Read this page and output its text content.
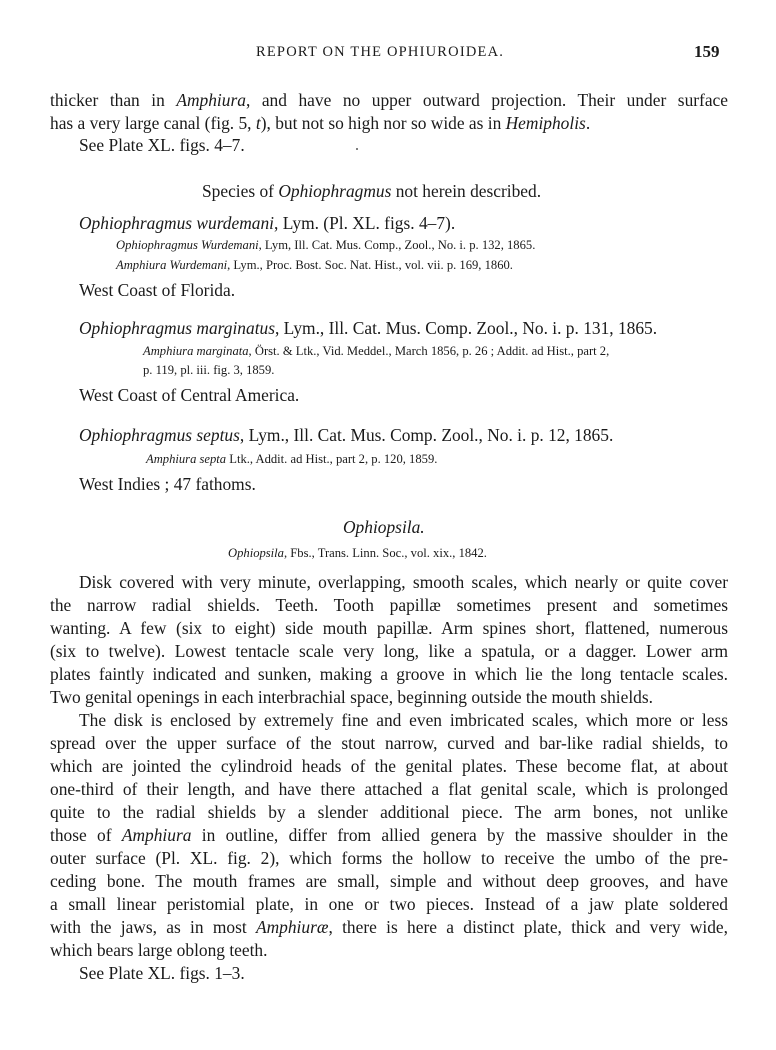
REPORT ON THE OPHIUROIDEA.	159
thicker than in Amphiura, and have no upper outward projection. Their under surface
has a very large canal (fig. 5, t), but not so high nor so wide as in Hemipholis.
See Plate XL. figs. 4–7.
Species of Ophiophragmus not herein described.
Ophiophragmus wurdemani, Lym. (Pl. XL. figs. 4–7).
Ophiophragmus Wurdemani, Lym, Ill. Cat. Mus. Comp., Zool., No. i. p. 132, 1865.
Amphiura Wurdemani, Lym., Proc. Bost. Soc. Nat. Hist., vol. vii. p. 169, 1860.
West Coast of Florida.
Ophiophragmus marginatus, Lym., Ill. Cat. Mus. Comp. Zool., No. i. p. 131, 1865.
Amphiura marginata, Örst. & Ltk., Vid. Meddel., March 1856, p. 26 ; Addit. ad Hist., part 2,
p. 119, pl. iii. fig. 3, 1859.
West Coast of Central America.
Ophiophragmus septus, Lym., Ill. Cat. Mus. Comp. Zool., No. i. p. 12, 1865.
Amphiura septa Ltk., Addit. ad Hist., part 2, p. 120, 1859.
West Indies ; 47 fathoms.
Ophiopsila.
Ophiopsila, Fbs., Trans. Linn. Soc., vol. xix., 1842.
Disk covered with very minute, overlapping, smooth scales, which nearly or quite cover
the narrow radial shields. Teeth. Tooth papillæ sometimes present and sometimes
wanting. A few (six to eight) side mouth papillæ. Arm spines short, flattened, numerous
(six to twelve). Lowest tentacle scale very long, like a spatula, or a dagger. Lower arm
plates faintly indicated and sunken, making a groove in which lie the long tentacle scales.
Two genital openings in each interbrachial space, beginning outside the mouth shields.
The disk is enclosed by extremely fine and even imbricated scales, which more or less
spread over the upper surface of the stout narrow, curved and bar-like radial shields, to
which are jointed the cylindroid heads of the genital plates. These become flat, at about
one-third of their length, and have there attached a flat genital scale, which is prolonged
quite to the radial shields by a slender additional piece. The arm bones, not unlike
those of Amphiura in outline, differ from allied genera by the massive shoulder in the
outer surface (Pl. XL. fig. 2), which forms the hollow to receive the umbo of the pre-
ceding bone. The mouth frames are small, simple and without deep grooves, and have
a small linear peristomial plate, in one or two pieces. Instead of a jaw plate soldered
with the jaws, as in most Amphiuræ, there is here a distinct plate, thick and very wide,
which bears large oblong teeth.
See Plate XL. figs. 1–3.
